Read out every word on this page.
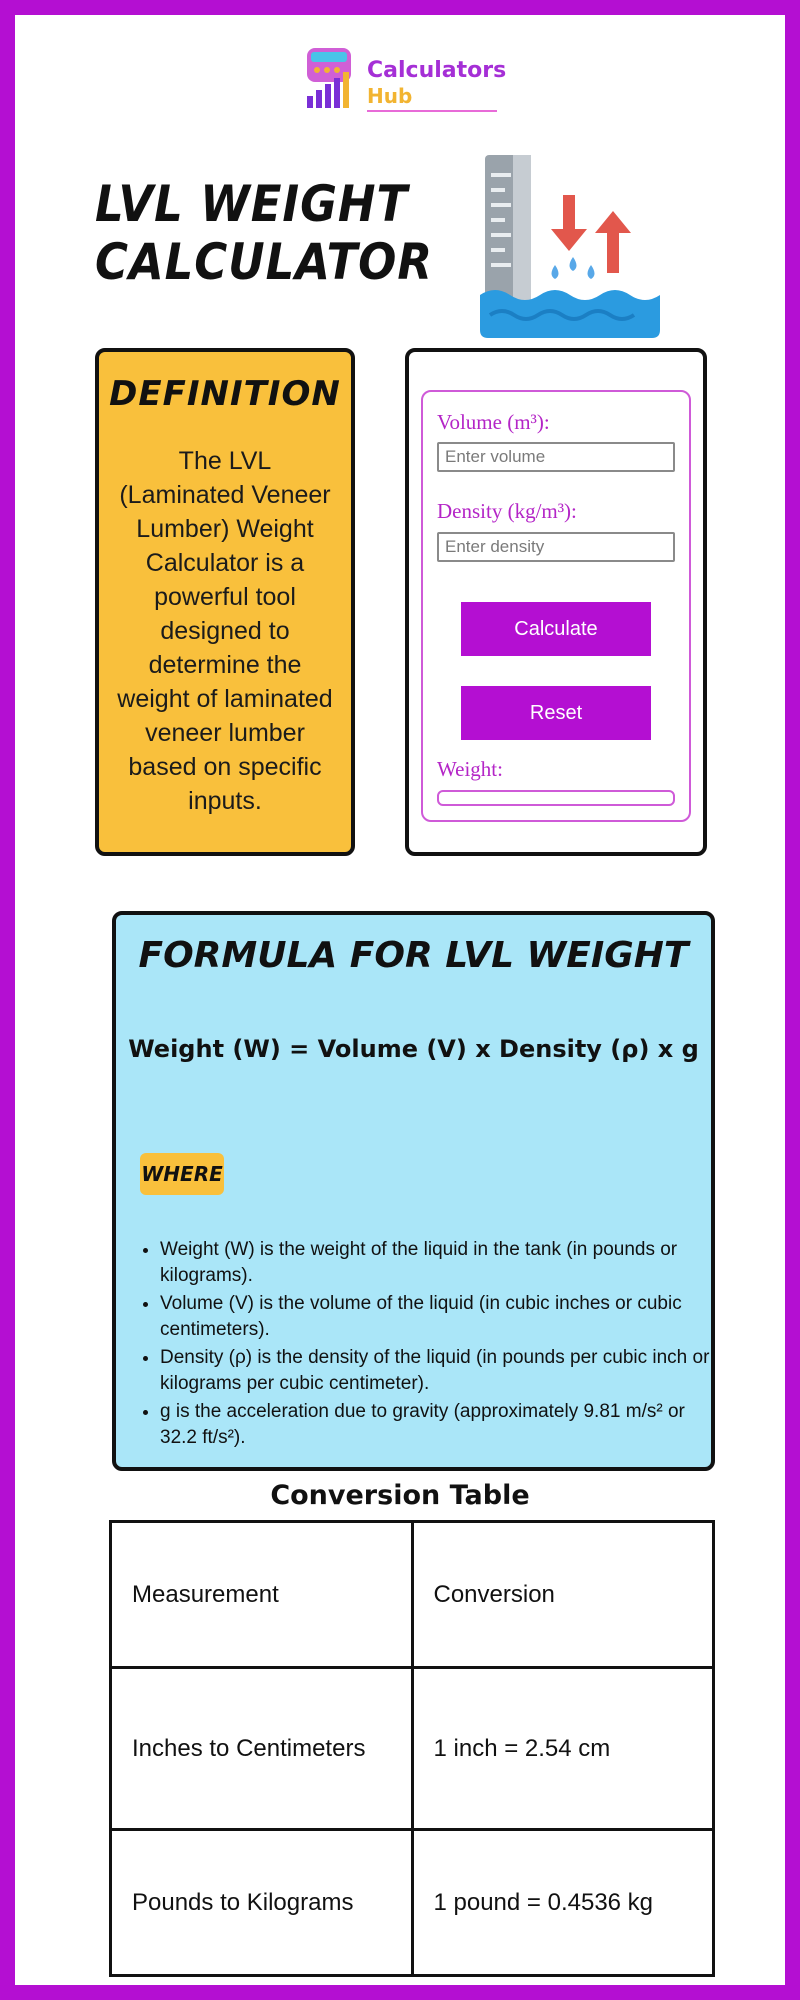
Calculators
Hub
LVL WEIGHT CALCULATOR
DEFINITION
The LVL (Laminated Veneer Lumber) Weight Calculator is a powerful tool designed to determine the weight of laminated veneer lumber based on specific inputs.
Volume (m³):
Enter volume
Density (kg/m³):
Enter density
Calculate
Reset
Weight:
FORMULA FOR LVL WEIGHT
Weight (W) = Volume (V) x Density (ρ) x g
WHERE
• Weight (W) is the weight of the liquid in the tank (in pounds or kilograms).
• Volume (V) is the volume of the liquid (in cubic inches or cubic centimeters).
• Density (ρ) is the density of the liquid (in pounds per cubic inch or kilograms per cubic centimeter).
• g is the acceleration due to gravity (approximately 9.81 m/s² or 32.2 ft/s²).
Conversion Table
Measurement	Conversion
Inches to Centimeters	1 inch = 2.54 cm
Pounds to Kilograms	1 pound = 0.4536 kg
